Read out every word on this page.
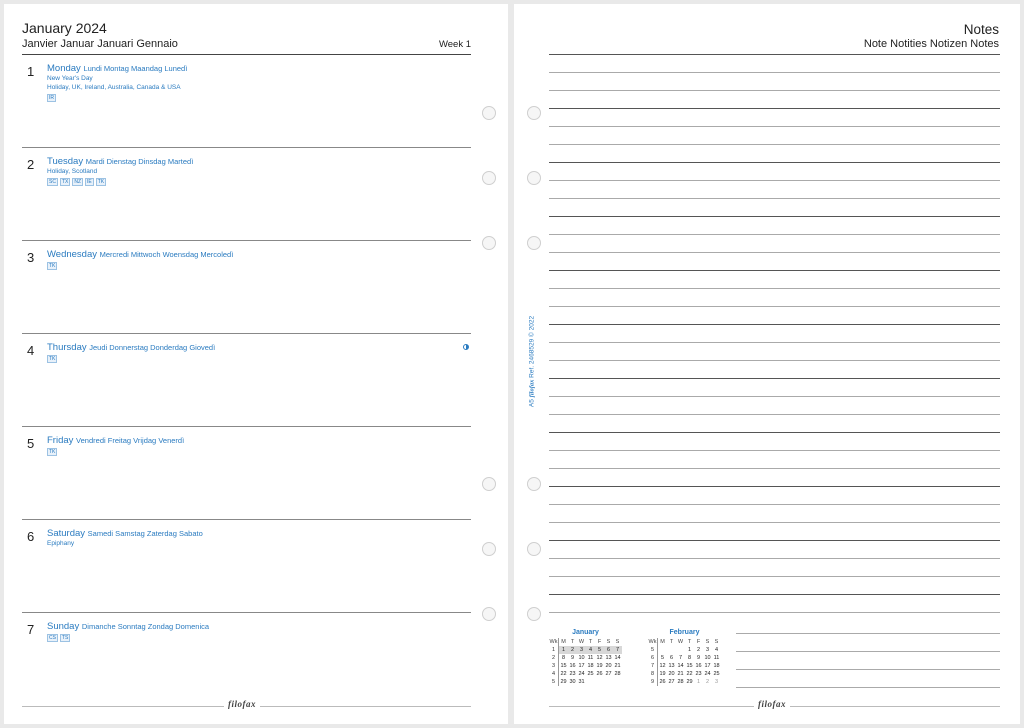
January 2024
Janvier Januar Januari Gennaio	Week 1
1 Monday Lundi Montag Maandag Lunedì
New Year's Day
Holiday, UK, Ireland, Australia, Canada & USA
IR
2 Tuesday Mardi Dienstag Dinsdag Martedì
Holiday, Scotland
SC TX NZ IE TK
3 Wednesday Mercredi Mittwoch Woensdag Mercoledì
TK
4 Thursday Jeudi Donnerstag Donderdag Giovedì
TK
5 Friday Vendredi Freitag Vrijdag Venerdì
TK
6 Saturday Samedi Samstag Zaterdag Sabato
Epiphany
7 Sunday Dimanche Sonntag Zondag Domenica
CS TS
filofax
Notes
Note Notities Notizen Notes
A5 filofax Ref. 2468529 © 2022
January
Wk	M	T	W	T	F	S	S
1	1	2	3	4	5	6	7
2	8	9	10	11	12	13	14
3	15	16	17	18	19	20	21
4	22	23	24	25	26	27	28
5	29	30	31				
February
Wk	M	T	W	T	F	S	S
5				1	2	3	4
6	5	6	7	8	9	10	11
7	12	13	14	15	16	17	18
8	19	20	21	22	23	24	25
9	26	27	28	29	1	2	3
filofax
